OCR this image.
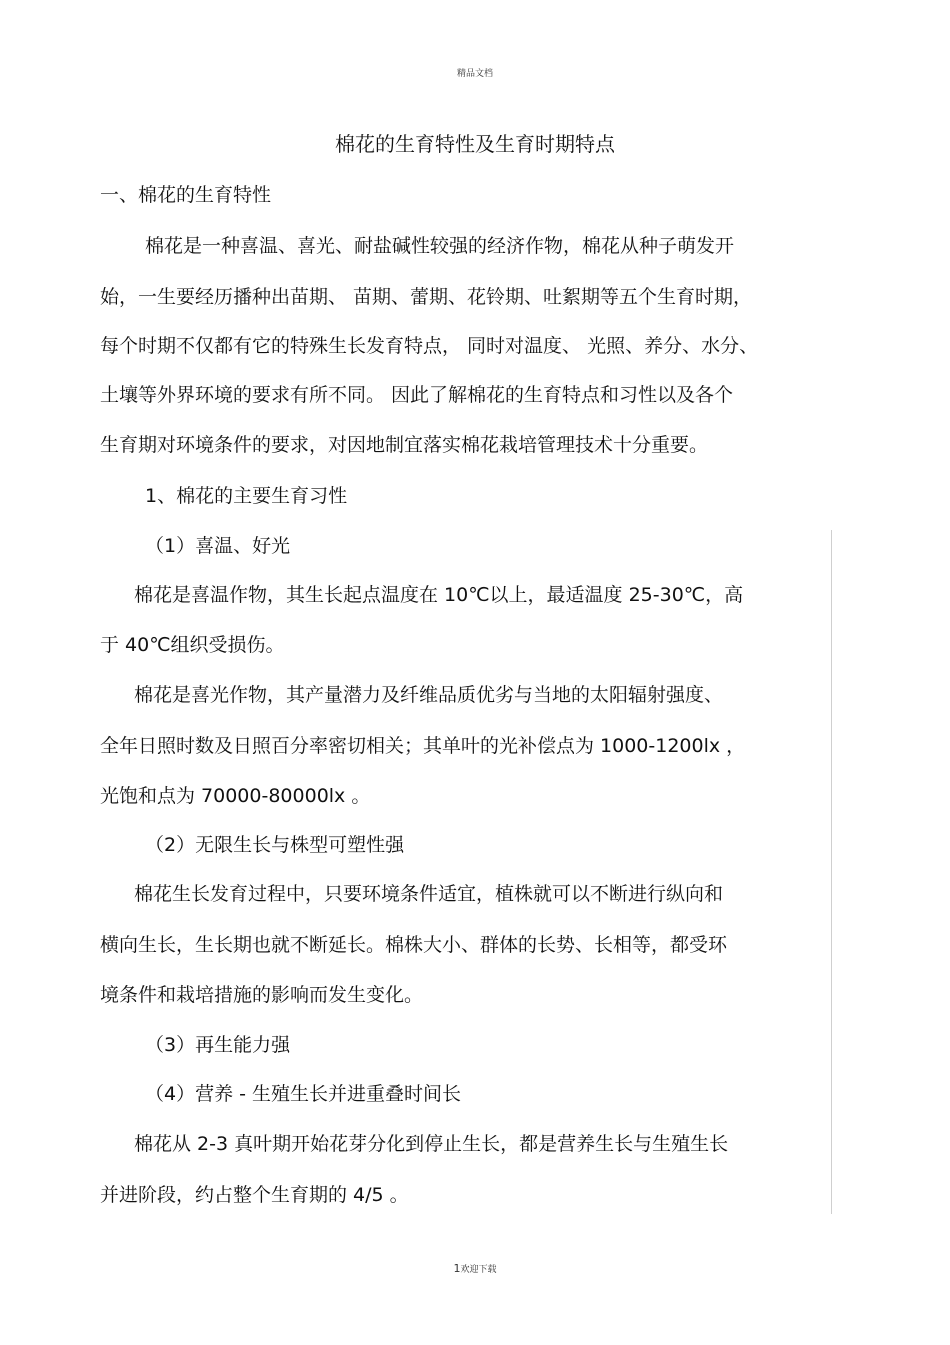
精品文档
棉花的生育特性及生育时期特点
一、棉花的生育特性
棉花是一种喜温、喜光、耐盐碱性较强的经济作物，棉花从种子萌发开
始，一生要经历播种出苗期、 苗期、蕾期、花铃期、吐絮期等五个生育时期，
每个时期不仅都有它的特殊生长发育特点， 同时对温度、 光照、养分、水分、
土壤等外界环境的要求有所不同。 因此了解棉花的生育特点和习性以及各个
生育期对环境条件的要求，对因地制宜落实棉花栽培管理技术十分重要。
1、棉花的主要生育习性
（1）喜温、好光
棉花是喜温作物，其生长起点温度在 10℃以上，最适温度 25-30℃，高
于 40℃组织受损伤。
棉花是喜光作物，其产量潜力及纤维品质优劣与当地的太阳辐射强度、
全年日照时数及日照百分率密切相关；其单叶的光补偿点为 1000-1200lx ，
光饱和点为 70000-80000lx 。
（2）无限生长与株型可塑性强
棉花生长发育过程中，只要环境条件适宜，植株就可以不断进行纵向和
横向生长，生长期也就不断延长。棉株大小、群体的长势、长相等，都受环
境条件和栽培措施的影响而发生变化。
（3）再生能力强
（4）营养 - 生殖生长并进重叠时间长
棉花从 2-3 真叶期开始花芽分化到停止生长，都是营养生长与生殖生长
并进阶段，约占整个生育期的 4/5 。
1欢迎下载
